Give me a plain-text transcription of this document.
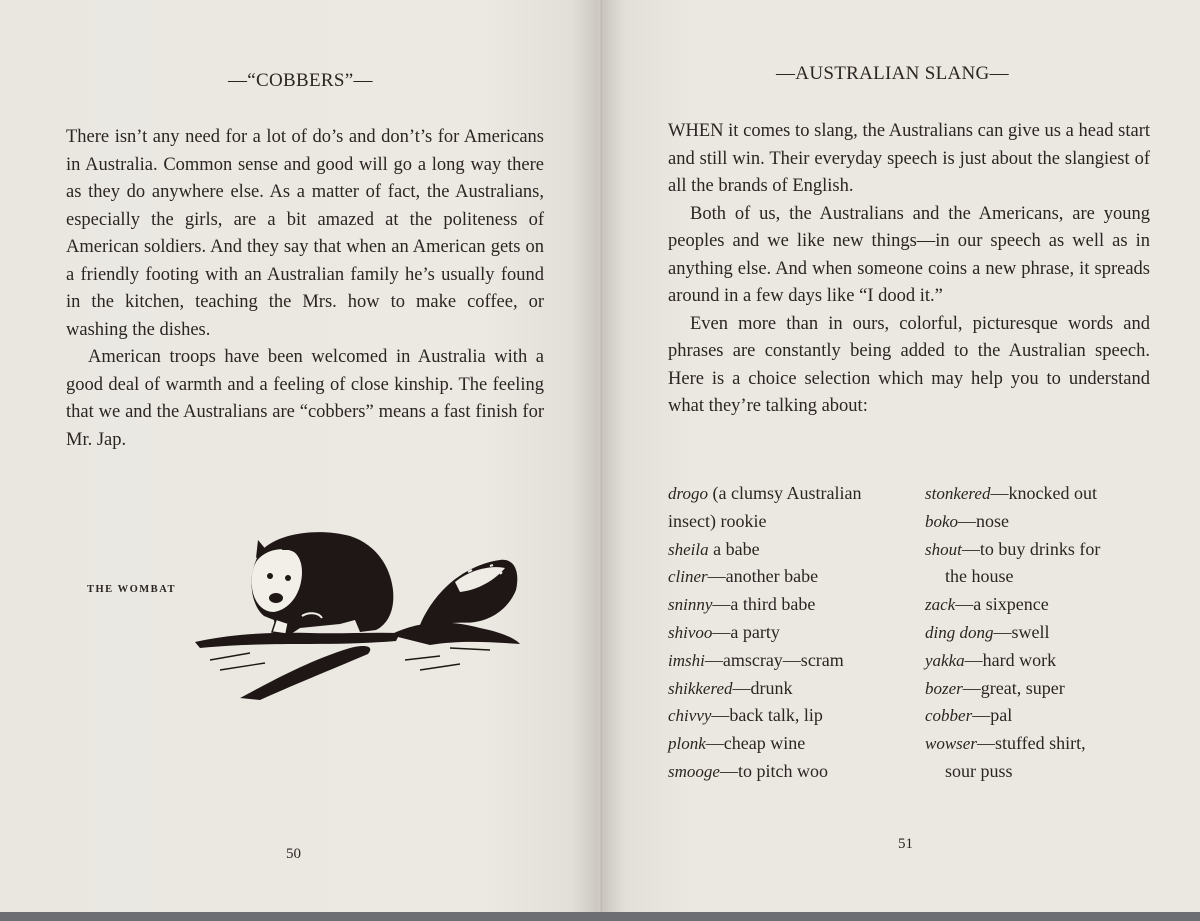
—“COBBERS”—

There isn’t any need for a lot of do’s and don’t’s for Americans in Australia. Common sense and good will go a long way there as they do anywhere else. As a matter of fact, the Australians, especially the girls, are a bit amazed at the politeness of American soldiers. And they say that when an American gets on a friendly footing with an Australian family he’s usually found in the kitchen, teaching the Mrs. how to make coffee, or washing the dishes.

American troops have been welcomed in Australia with a good deal of warmth and a feeling of close kinship. The feeling that we and the Australians are “cobbers” means a fast finish for Mr. Jap.

THE WOMBAT
50
—AUSTRALIAN SLANG—

WHEN it comes to slang, the Australians can give us a head start and still win. Their everyday speech is just about the slangiest of all the brands of English.

Both of us, the Australians and the Americans, are young peoples and we like new things—in our speech as well as in anything else. And when someone coins a new phrase, it spreads around in a few days like “I dood it.”

Even more than in ours, colorful, picturesque words and phrases are constantly being added to the Australian speech. Here is a choice selection which may help you to understand what they’re talking about:

drogo (a clumsy Australian
insect) rookie
sheila a babe
cliner—another babe
sninny—a third babe
shivoo—a party
imshi—amscray—scram
shikkered—drunk
chivvy—back talk, lip
plonk—cheap wine
smooge—to pitch woo
stonkered—knocked out
boko—nose
shout—to buy drinks for
the house
zack—a sixpence
ding dong—swell
yakka—hard work
bozer—great, super
cobber—pal
wowser—stuffed shirt,
sour puss
51
